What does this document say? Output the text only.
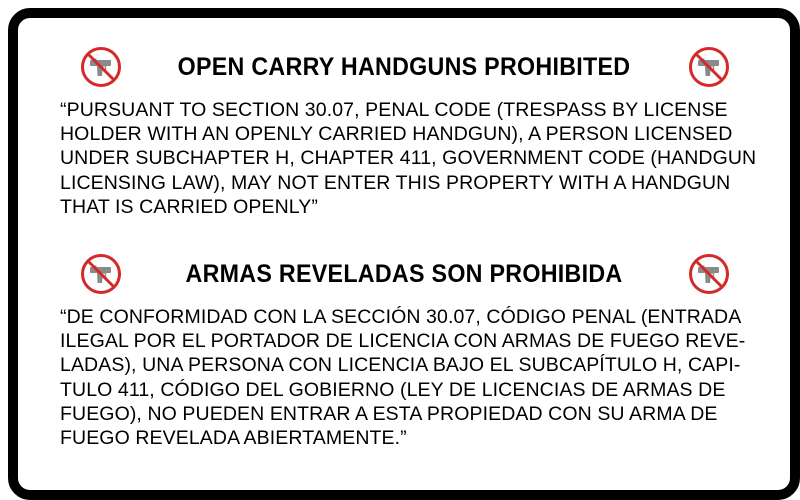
OPEN CARRY HANDGUNS PROHIBITED
“PURSUANT TO SECTION 30.07, PENAL CODE (TRESPASS BY LICENSE
HOLDER WITH AN OPENLY CARRIED HANDGUN), A PERSON LICENSED
UNDER SUBCHAPTER H, CHAPTER 411, GOVERNMENT CODE (HANDGUN
LICENSING LAW), MAY NOT ENTER THIS PROPERTY WITH A HANDGUN
THAT IS CARRIED OPENLY”
ARMAS REVELADAS SON PROHIBIDA
“DE CONFORMIDAD CON LA SECCIÓN 30.07, CÓDIGO PENAL (ENTRADA
ILEGAL POR EL PORTADOR DE LICENCIA CON ARMAS DE FUEGO REVE-
LADAS), UNA PERSONA CON LICENCIA BAJO EL SUBCAPÍTULO H, CAPI-
TULO 411, CÓDIGO DEL GOBIERNO (LEY DE LICENCIAS DE ARMAS DE
FUEGO), NO PUEDEN ENTRAR A ESTA PROPIEDAD CON SU ARMA DE
FUEGO REVELADA ABIERTAMENTE.”
